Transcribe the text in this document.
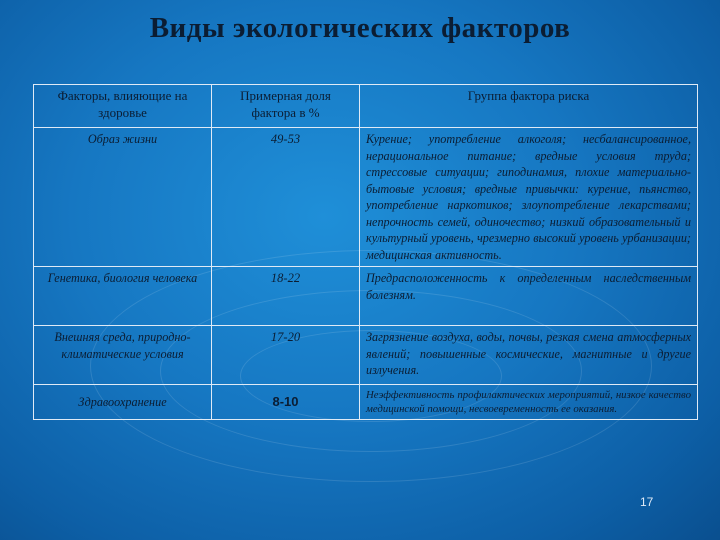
Виды экологических факторов
Факторы, влияющие на здоровье	Примерная доля фактора в %	Группа фактора риска
Образ жизни	49-53	Курение; употребление алкоголя; несбалансированное, нерациональное питание; вредные условия труда; стрессовые ситуации; гиподинамия, плохие материально-бытовые условия; вредные привычки: курение, пьянство, употребление наркотиков; злоупотребление лекарствами; непрочность семей, одиночество; низкий образовательный и культурный уровень, чрезмерно высокий уровень урбанизации; медицинская активность.
Генетика, биология человека	18-22	Предрасположенность к определенным наследственным болезням.
Внешняя среда, природно-климатические условия	17-20	Загрязнение воздуха, воды, почвы, резкая смена атмосферных явлений; повышенные космические, магнитные и другие излучения.
Здравоохранение	8-10	Неэффективность профилактических мероприятий, низкое качество медицинской помощи, несвоевременность ее оказания.
17
